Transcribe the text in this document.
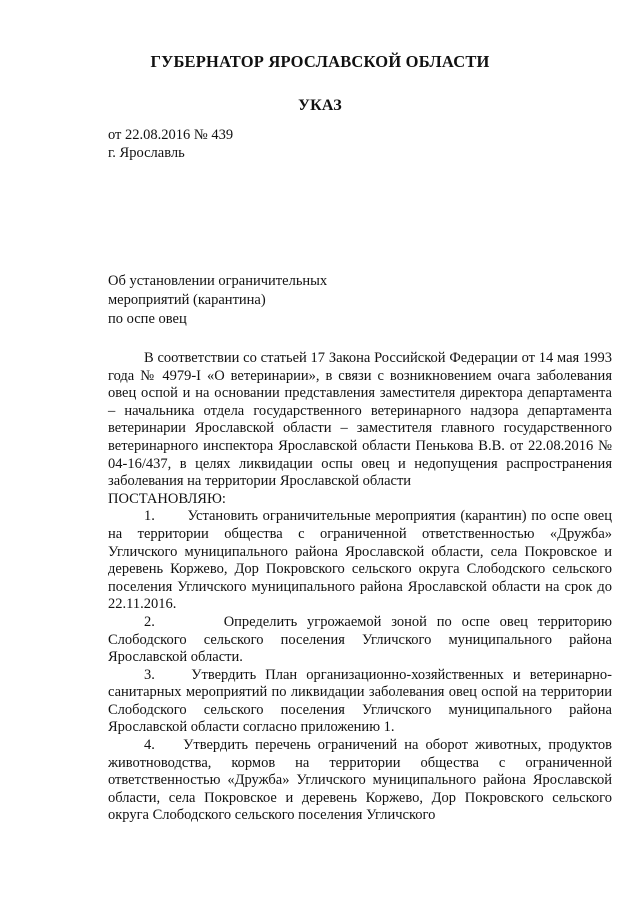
ГУБЕРНАТОР ЯРОСЛАВСКОЙ ОБЛАСТИ
УКАЗ
от 22.08.2016 № 439
г. Ярославль
Об установлении ограничительных
мероприятий (карантина)
по оспе овец

В соответствии со статьей 17 Закона Российской Федерации от 14 мая 1993 года № 4979-I «О ветеринарии», в связи с возникновением очага заболевания овец оспой и на основании представления заместителя директора департамента – начальника отдела государственного ветеринарного надзора департамента ветеринарии Ярославской области – заместителя главного государственного ветеринарного инспектора Ярославской области Пенькова В.В. от 22.08.2016 № 04-16/437, в целях ликвидации оспы овец и недопущения распространения заболевания на территории Ярославской области

ПОСТАНОВЛЯЮ:

1.       Установить ограничительные мероприятия (карантин) по оспе овец на территории общества с ограниченной ответственностью «Дружба» Угличского муниципального района Ярославской области, села Покровское и деревень Коржево, Дор Покровского сельского округа Слободского сельского поселения Угличского муниципального района Ярославской области на срок до 22.11.2016.

2.       Определить угрожаемой зоной по оспе овец территорию Слободского сельского поселения Угличского муниципального района Ярославской области.

3.    Утвердить План организационно-хозяйственных и ветеринарно-санитарных мероприятий по ликвидации заболевания овец оспой на территории Слободского сельского поселения Угличского муниципального района Ярославской области согласно приложению 1.

4.    Утвердить перечень ограничений на оборот животных, продуктов животноводства, кормов на территории общества с ограниченной ответственностью «Дружба» Угличского муниципального района Ярославской области, села Покровское и деревень Коржево, Дор Покровского сельского округа Слободского сельского поселения Угличского
